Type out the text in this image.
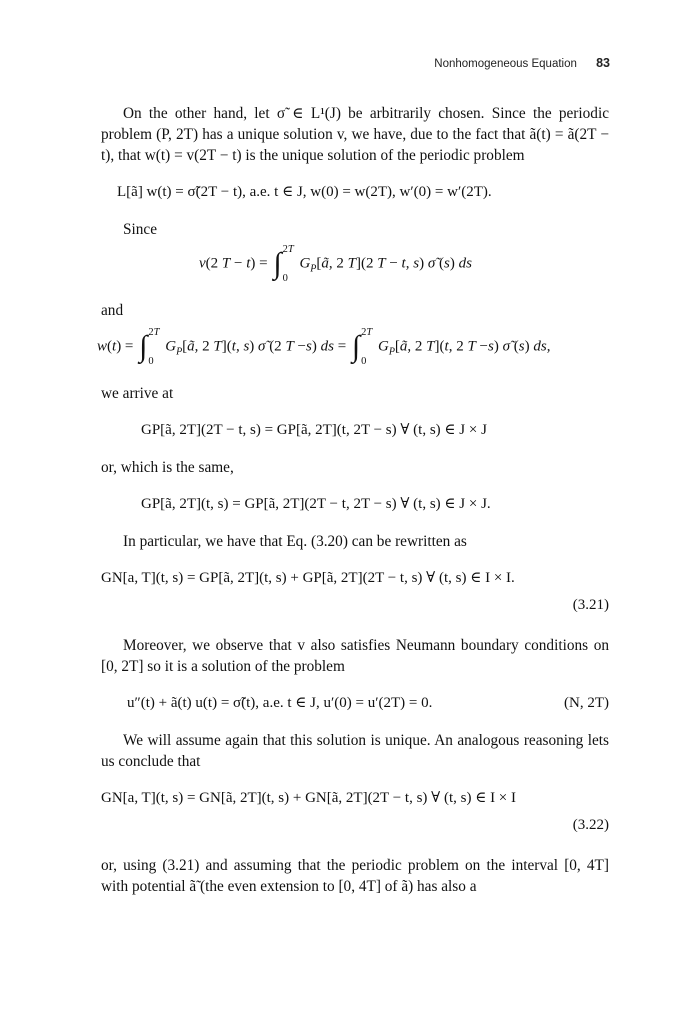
Nonhomogeneous Equation 83

On the other hand, let σ̃ ∈ L¹(J) be arbitrarily chosen. Since the periodic problem (P, 2T) has a unique solution v, we have, due to the fact that ã(t) = ã(2T − t), that w(t) = v(2T − t) is the unique solution of the periodic problem

L[ã] w(t) = σ̃(2T − t), a.e. t ∈ J, w(0) = w(2T), w′(0) = w′(2T).

Since

v(2 T − t) = ∫ 2T
0
$G_P[ã$, 2 T](2 T − t, s) σ̃ (s) ds

and

w(t) = ∫ 2T
0
$G_P[ã$, 2 T](t, s) σ̃ (2 T −s) ds = ∫ 2T
0
$G_P[ã$, 2 T](t, 2 T −s) σ̃ (s) ds,

we arrive at

GP[ã, 2T](2T − t, s) = GP[ã, 2T](t, 2T − s) ∀ (t, s) ∈ J × J

or, which is the same,

GP[ã, 2T](t, s) = GP[ã, 2T](2T − t, 2T − s) ∀ (t, s) ∈ J × J.

In particular, we have that Eq. (3.20) can be rewritten as

GN[a, T](t, s) = GP[ã, 2T](t, s) + GP[ã, 2T](2T − t, s) ∀ (t, s) ∈ I × I.
(3.21)

Moreover, we observe that v also satisfies Neumann boundary conditions on [0, 2T] so it is a solution of the problem

u″(t) + ã(t) u(t) = σ̃(t), a.e. t ∈ J, u′(0) = u′(2T) = 0.	(N, 2T)

We will assume again that this solution is unique. An analogous reasoning lets us conclude that

GN[a, T](t, s) = GN[ã, 2T](t, s) + GN[ã, 2T](2T − t, s) ∀ (t, s) ∈ I × I
(3.22)

or, using (3.21) and assuming that the periodic problem on the interval [0, 4T] with potential ã̃ (the even extension to [0, 4T] of ã) has also a
